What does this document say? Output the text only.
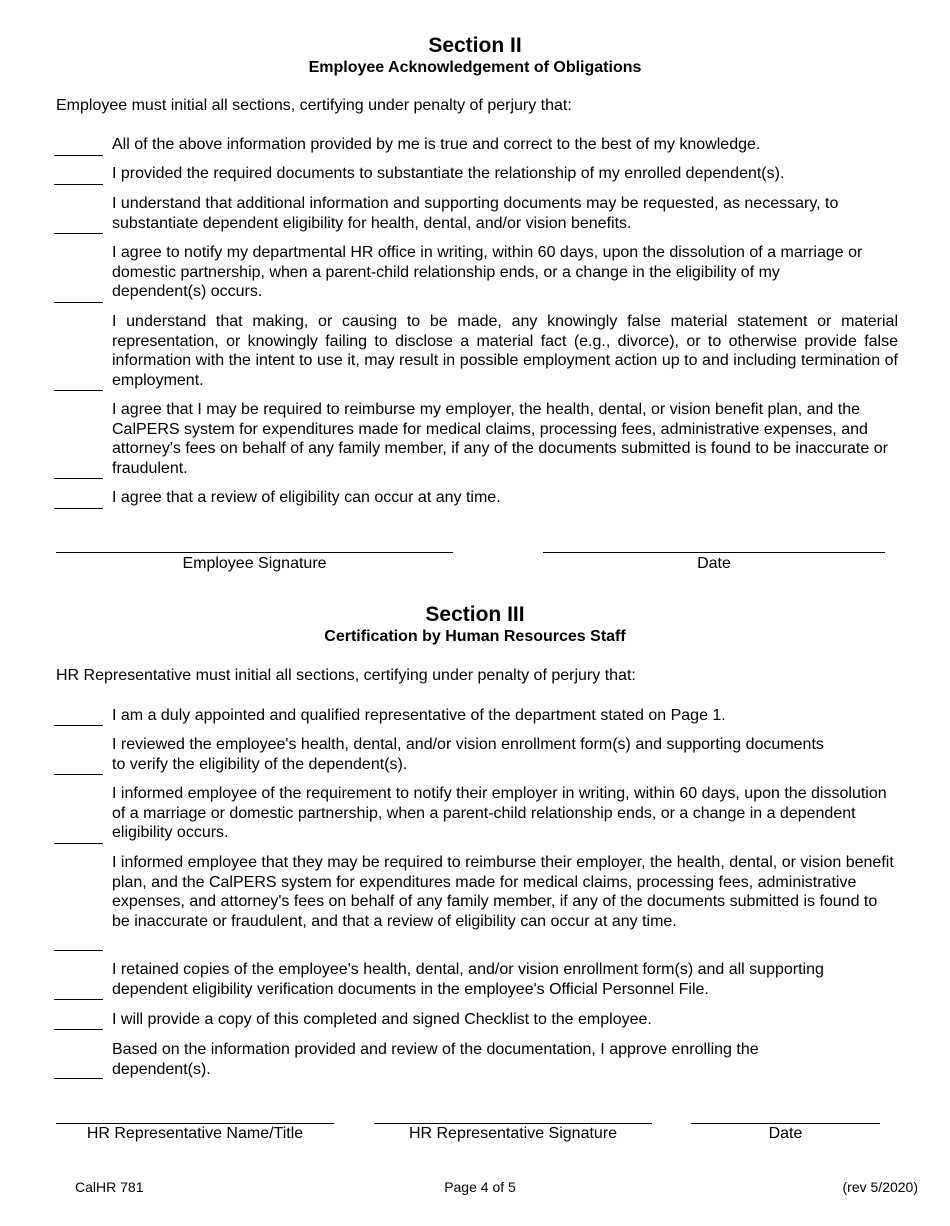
Section II
Employee Acknowledgement of Obligations
Employee must initial all sections, certifying under penalty of perjury that:
All of the above information provided by me is true and correct to the best of my knowledge.
I provided the required documents to substantiate the relationship of my enrolled dependent(s).
I understand that additional information and supporting documents may be requested, as necessary, to substantiate dependent eligibility for health, dental, and/or vision benefits.
I agree to notify my departmental HR office in writing, within 60 days, upon the dissolution of a marriage or domestic partnership, when a parent-child relationship ends, or a change in the eligibility of my dependent(s) occurs.
I understand that making, or causing to be made, any knowingly false material statement or material representation, or knowingly failing to disclose a material fact (e.g., divorce), or to otherwise provide false information with the intent to use it, may result in possible employment action up to and including termination of employment.
I agree that I may be required to reimburse my employer, the health, dental, or vision benefit plan, and the CalPERS system for expenditures made for medical claims, processing fees, administrative expenses, and attorney's fees on behalf of any family member, if any of the documents submitted is found to be inaccurate or fraudulent.
I agree that a review of eligibility can occur at any time.
Employee Signature	Date
Section III
Certification by Human Resources Staff
HR Representative must initial all sections, certifying under penalty of perjury that:
I am a duly appointed and qualified representative of the department stated on Page 1.
I reviewed the employee's health, dental, and/or vision enrollment form(s) and supporting documents to verify the eligibility of the dependent(s).
I informed employee of the requirement to notify their employer in writing, within 60 days, upon the dissolution of a marriage or domestic partnership, when a parent-child relationship ends, or a change in a dependent eligibility occurs.
I informed employee that they may be required to reimburse their employer, the health, dental, or vision benefit plan, and the CalPERS system for expenditures made for medical claims, processing fees, administrative expenses, and attorney's fees on behalf of any family member, if any of the documents submitted is found to be inaccurate or fraudulent, and that a review of eligibility can occur at any time.
I retained copies of the employee's health, dental, and/or vision enrollment form(s) and all supporting dependent eligibility verification documents in the employee's Official Personnel File.
I will provide a copy of this completed and signed Checklist to the employee.
Based on the information provided and review of the documentation, I approve enrolling the dependent(s).
HR Representative Name/Title	HR Representative Signature	Date
CalHR 781	Page 4 of 5	(rev 5/2020)
